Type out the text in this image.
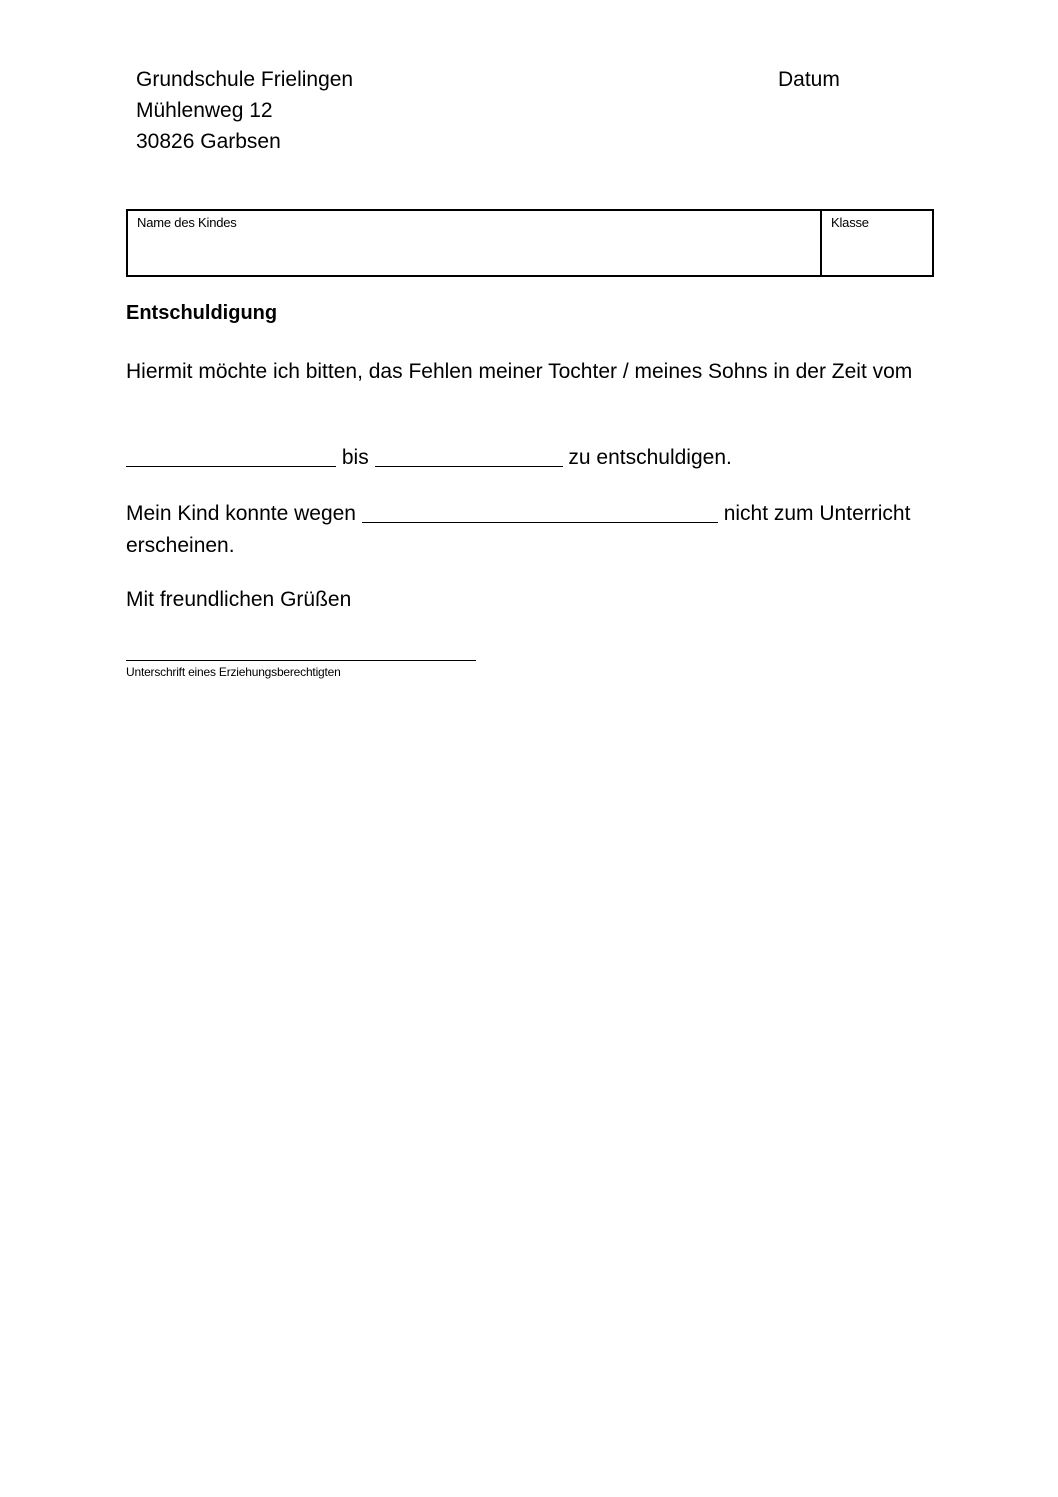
Grundschule Frielingen
Mühlenweg 12
30826 Garbsen
Datum
Name des Kindes	Klasse
Entschuldigung
Hiermit möchte ich bitten, das Fehlen meiner Tochter / meines Sohns in der Zeit vom
bis	zu entschuldigen.
Mein Kind konnte wegen	nicht zum Unterricht erscheinen.
Mit freundlichen Grüßen
Unterschrift eines Erziehungsberechtigten
